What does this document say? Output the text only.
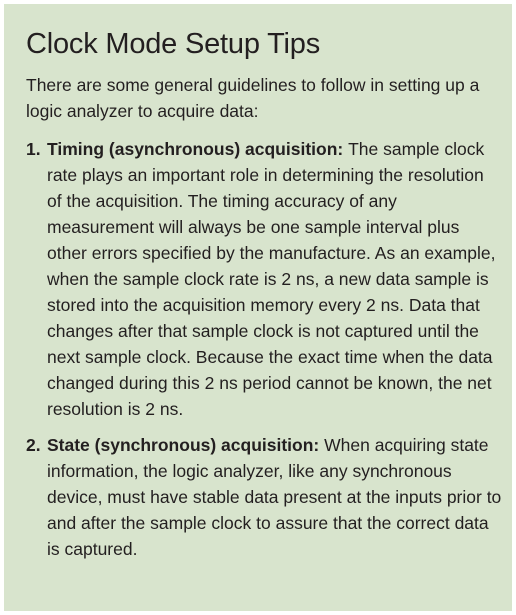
Clock Mode Setup Tips

There are some general guidelines to follow in setting up a logic analyzer to acquire data:

1. Timing (asynchronous) acquisition: The sample clock rate plays an important role in determining the resolution of the acquisition. The timing accuracy of any measurement will always be one sample interval plus other errors specified by the manufacture. As an example, when the sample clock rate is 2 ns, a new data sample is stored into the acquisition memory every 2 ns. Data that changes after that sample clock is not captured until the next sample clock. Because the exact time when the data changed during this 2 ns period cannot be known, the net resolution is 2 ns.
2. State (synchronous) acquisition: When acquiring state information, the logic analyzer, like any synchronous device, must have stable data present at the inputs prior to and after the sample clock to assure that the correct data is captured.
